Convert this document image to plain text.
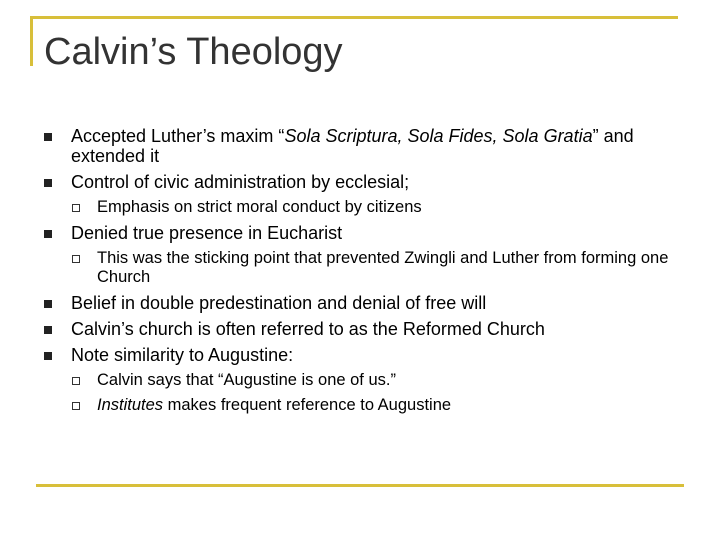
Calvin’s Theology
Accepted Luther’s maxim “Sola Scriptura, Sola Fides, Sola Gratia” and extended it
Control of civic administration by ecclesial;
Emphasis on strict moral conduct by citizens
Denied true presence in Eucharist
This was the sticking point that prevented Zwingli and Luther from forming one Church
Belief in double predestination and denial of free will
Calvin’s church is often referred to as the Reformed Church
Note similarity to Augustine:
Calvin says that “Augustine is one of us.”
Institutes makes frequent reference to Augustine
